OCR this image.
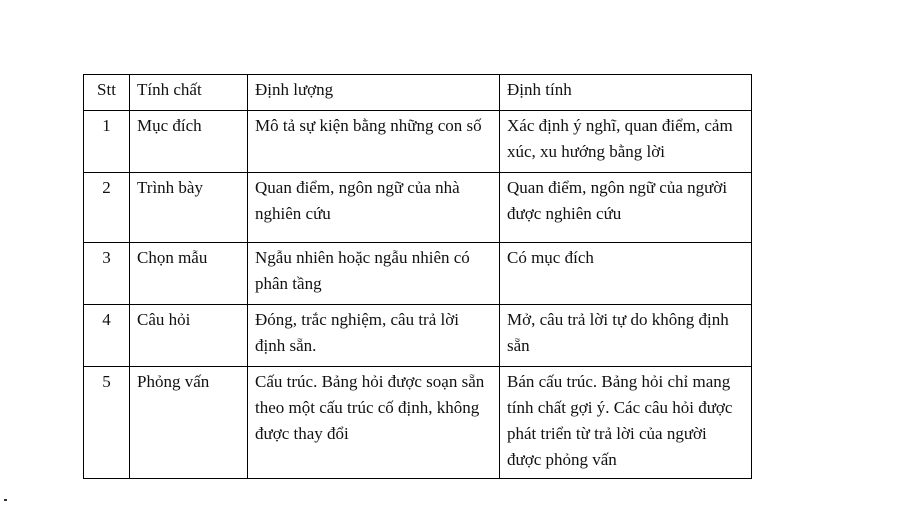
Stt	Tính chất	Định lượng	Định tính
1	Mục đích	Mô tả sự kiện bằng những con số	Xác định ý nghĩ, quan điểm, cảm xúc, xu hướng bằng lời
2	Trình bày	Quan điểm, ngôn ngữ của nhà nghiên cứu	Quan điểm, ngôn ngữ của người được nghiên cứu
3	Chọn mẫu	Ngẫu nhiên hoặc ngẫu nhiên có phân tầng	Có mục đích
4	Câu hỏi	Đóng, trắc nghiệm, câu trả lời định sẵn.	Mở, câu trả lời tự do không định sẵn
5	Phỏng vấn	Cấu trúc. Bảng hỏi được soạn sẵn theo một cấu trúc cố định, không được thay đổi	Bán cấu trúc. Bảng hỏi chỉ mang tính chất gợi ý. Các câu hỏi được phát triển từ trả lời của người được phỏng vấn
